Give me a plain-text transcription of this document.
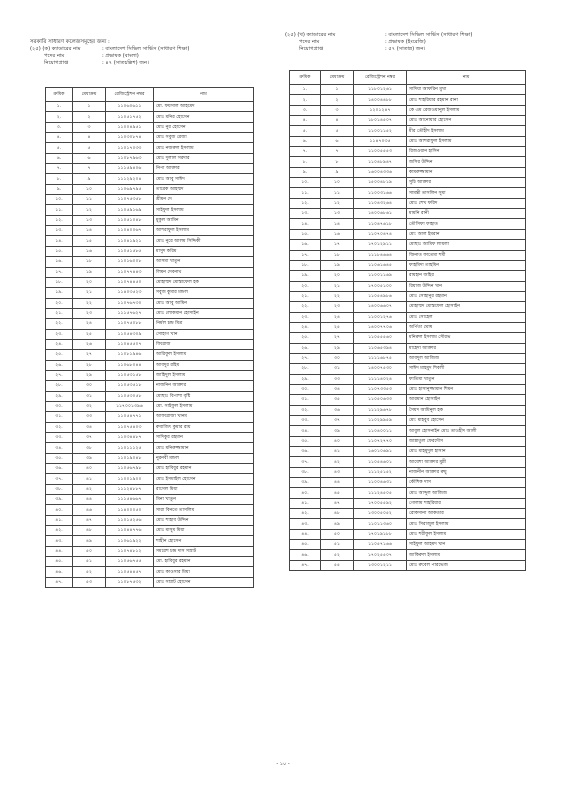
সরকারি সাধারণ কলেজসমূহের জন্য :
(২৫) (ক) ক্যাডারের নাম	: বাংলাদেশ সিভিল সার্ভিস (সাধারণ শিক্ষা)
পদের নাম	: প্রভাষক (বাংলা)
নিয়োগপ্রাপ্ত	: ৪৭ (সাতচল্লিশ) জন।
(২৫) (খ) ক্যাডারের নাম	: বাংলাদেশ সিভিল সার্ভিস (সাধারণ শিক্ষা)
পদের নাম	: প্রভাষক (ইংরেজি)
নিয়োগপ্রাপ্ত	: ৫৭ (সাতান্ন) জন।
ক্রমিক	মেধাক্রম	রেজিস্ট্রেশন নম্বর	নাম
১.	১	১১০৬০৬১১	মো. ফয়সাল আহমেদ
২.	২	১১০৫১৭৫২	মোঃ মনির হোসেন
৩.	৩	১১০০৪৯৫১	মোঃ নুর হোসেন
৪.	৪	১১০৩০৮৭৪	মোঃ সবুজ রেজা
৫.	৫	১১০১৭০৩৩	মোঃ নজরুল ইসলাম
৬.	৬	১১০৮৭৯৬৩	মোঃ দুলাল সরদার
৭.	৭	১১১৫৯৪০৬	নিপা আক্তার
৮.	৯	১১১২৯২০৪	মোঃ আবু সাঈদ
৯.	১০	১১০৬৯৭৯৫	তারেক আহম্মদ
১০.	১১	১১০৭৫৩৫৮	শ্রীমন দে
১১.	১২	১১০৫৯১৬৯	সাইফুল ইসলাম
১২.	১৩	১১০৫১০৪৮	মুকুল আমিন
১৩.	১৪	১১০৪০০৬৭	আশরাফুল ইসলাম
১৪.	১৫	১১০৪১৯২১	মোঃ নুরে আলম সিদ্দিকী
১৫.	১৬	১১০৫১৫৮৫	মাসুদ করিম
১৬.	১৮	১১০১৬০০৮	আসমা খাতুন
১৭.	১৯	১১০৭৭৪৪৩	লিমন দেবনাথ
১৮.	২০	১১০৭৪৪৫০	মোহাম্মদ মোস্তাফেল হক
১৯.	২১	১১৪০৩৫২৩	সবুজ কুমার মন্ডল
২০.	২২	১১০৭৬৭৩০	মোঃ আবু আমিন
২১.	২৩	১১১৫৭৬২৭	মোঃ লোকমান হোসাইন
২২.	২৪	১১০৭৫০৮৮	নির্মল চন্দ্র মিত্র
২৩.	২৫	১১০৫৪৩০৯	সোহাগ খান
২৪.	২৬	১১০৪৫৫০৭	ফিরোজ
২৫.	২৭	১১০৮১৯৪৬	আরিফুল ইসলাম
২৬.	২৮	১১০৬৮০৪৪	আবদুর রহিম
২৭.	২৯	১১০৫৩১৫৮	জাহিদুল ইসলাম
২৮.	৩০	১১০৫৩৫১৮	নাজনিন আক্তার
২৯.	৩১	১১০৫৩০৫৮	মোছাঃ বিপাশা বৃষ্টি
৩০.	৩২	১১৭০০১৩৯৬	মো. সাইফুল ইসলাম
৩১.	৩৩	১১০৫৪৭৭১	আফরোজা খানম
৩২.	৩৪	১১০৭৫৪০৩	রুবাজিৎ কুমার রায়
৩৩.	৩৭	১১০৩৪৪৮৭	সাদিকুর রহমান
৩৪.	৩৮	১১০১১১২৫	মোঃ মনিরুজ্জামান
৩৫.	৩৯	১১০১৯০৪৮	নুরনবী মন্ডল
৩৬.	৪০	১১০৫৬৭৯৮	মোঃ হাবিবুর রহমান
৩৭.	৪১	১১০০১৯০০	মোঃ ইসমাইল হোসেন
৩৮.	৪২	১১১২৪৮৮৭	রাসেল মিয়া
৩৯.	৪৪	১১১৫৪৬৬৭	মিনা খাতুন
৪০.	৪৬	১১৪০০০৫০	সারা বিনতে তাসলিম
৪১.	৪৭	১১০১৫২৫৬	মোঃ শাহাব উদ্দিন
৪২.	৪৮	১১০৪৪৭৭৬	মোঃ মাসুম মিয়া
৪৩.	৪৯	১১০৬১৯২২	শাহীন হোসেন
৪৪.	৫০	১১০৭৪৮১২	সমরেশ চন্দ্র দাস সম্রাট
৪৫.	৫১	১১০৫৬৭৫৫	মো. হাবিবুর রহমান
৪৬.	৫২	১১০৫৪৪৫৭	মোঃ কাওসার মিয়া
৪৭.	৫৩	১১০৮৭৫৩২	মোঃ সম্রাট হোসেন
ক্রমিক	মেধাক্রম	রেজিস্ট্রেশন নম্বর	নাম
১.	১	১১৮০১২৬১	সাদিয়া আফরিন মুখা
২.	২	১৪০০৪৪৮৮	মোঃ শাহরিয়ার রহমান রানা
৩.	৩	১২০১২৪৭	কে এম রেজওয়ানুল ইসলাম
৪.	৪	১৮০১৪৫০৭	মোঃ আনোয়ার হোসেন
৫.	৫	১১০০১১৫২	মীর তৌহীদ ইসলাম
৬.	৬	১১৪৭০৩৫	মোঃ আশরাফুল ইসলাম
৭.	৭	১১০০৫৫৫৩	রিজওয়ান হাসিন
৮.	৮	১১০৪৮৯৪৭	জসির উদ্দিন
৯.	৯	১৬০০৪৩৩৬	কামরুজ্জামান
১০.	১০	১৫০০৪৮১৯	সুচি আক্তার
১১.	১১	১১০০৩১৬৬	সামন্তী তাসলিন সুমা
১২.	১২	১১০৪৩২৬৪	মোঃ শেখ ফরিদ
১৩.	১৩	১৪০০৬৮৬১	মামনি রানী
১৪.	১৪	১১০৪৭৬১৮	তৌসিফা ফাহাত
১৫.	১৬	১১০৭০৪৭৪	মো: আল ইমরান
১৬.	১৭	১৭০১২৯১১	মোছাঃ আমিফ লায়লা
১৭.	১৮	১১১৮৪৬৬৪	জিনাত ফাতেমা শর্মী
১৮.	১৯	১১০৬১৬৪৫	ফাহমিদা তাহমিন
১৯.	২০	১১০০১১৬৯	রায়হান জহির
২০.	২১	১৭০০৫১০০	রিয়াজ উদ্দিন খান
২১.	২২	১১০৫৪৯৮৬	মোঃ সোহানুর রহমান
২২.	২৩	১৪০০৬৬০৭	মোহাম্মদ মোস্তফেল হোসাইন
২৩.	২৪	১১০০১২৭৬	মোঃ সোহেল
২৪.	২৫	১৪০০৭৭০৬	অর্পিতা ঘোষ
২৫.	২৭	১১০৫৫৫৬০	মনিরুল ইসলাম সৌরভ
২৬.	২৯	১১০৬৫৩৯৪	মাহেদা আক্তার
২৭.	৩০	১১১১৬৮৭৫	আবদুল আজিজ
২৮.	৩১	১৪০০৭৫৩০	সাঈদ মাহমুদ শিবলী
২৯.	৩৩	১১১১৪০২৪	ফাতিমা খাতুন
৩০.	৩৪	১১০৭৩৩৫৩	মোঃ হাসানুজ্জামান শিমন
৩১.	৩৫	১১০৫০৬৩৩	আরমান হোসাইন
৩২.	৩৬	১১১২৯৬৭৮	সৈয়দ আমিনুল হক
৩৩.	৩৭	১১০২৯৯৫৯	মো: মাহবুব হোসেন
৩৪.	৩৯	১১০৪০০১১	আবুল হোসনাইন মোঃ তাওহীদ আলী
৩৫.	৪০	১১০৭২৭৭০	জান্নাতুল ফেরদৌস
৩৬.	৪১	১৬০১০৬৯১	মোঃ মাহমুদুল হাসান
৩৭.	৪২	১১০৫৪৬০১	আয়েশা আক্তার মুন্নী
৩৮.	৪৩	১১১২৫১৫২	নাজনীন আক্তার রুমু
৩৯.	৪৪	১১০০৪৬৩১	কৌশিক দাস
৪০.	৪৫	১১১২৪৫০৫	মোঃ আব্দুল আজিজ
৪১.	৪৭	১৭০০৫৫৯২	গোলাম শাহরিয়ার
৪২.	৪৮	১৩০০৫০৫২	রোকসানা আকতার
৪৩.	৪৯	১১০১১৩৬০	মোঃ সিরাজুল ইসলাম
৪৪.	৫০	১৭০১৯১৮৮	মোঃ শরীফুল ইসলাম
৪৫.	৫১	১১০৫৭১৬৬	সাইফুল আহমদ খান
৪৬.	৫২	১৭০২৫৫০৭	জাকিরুল ইসলাম
৪৭.	৫৫	১৩০০১২১১	মোঃ রুবেল পারভেজ
- ১০ -
